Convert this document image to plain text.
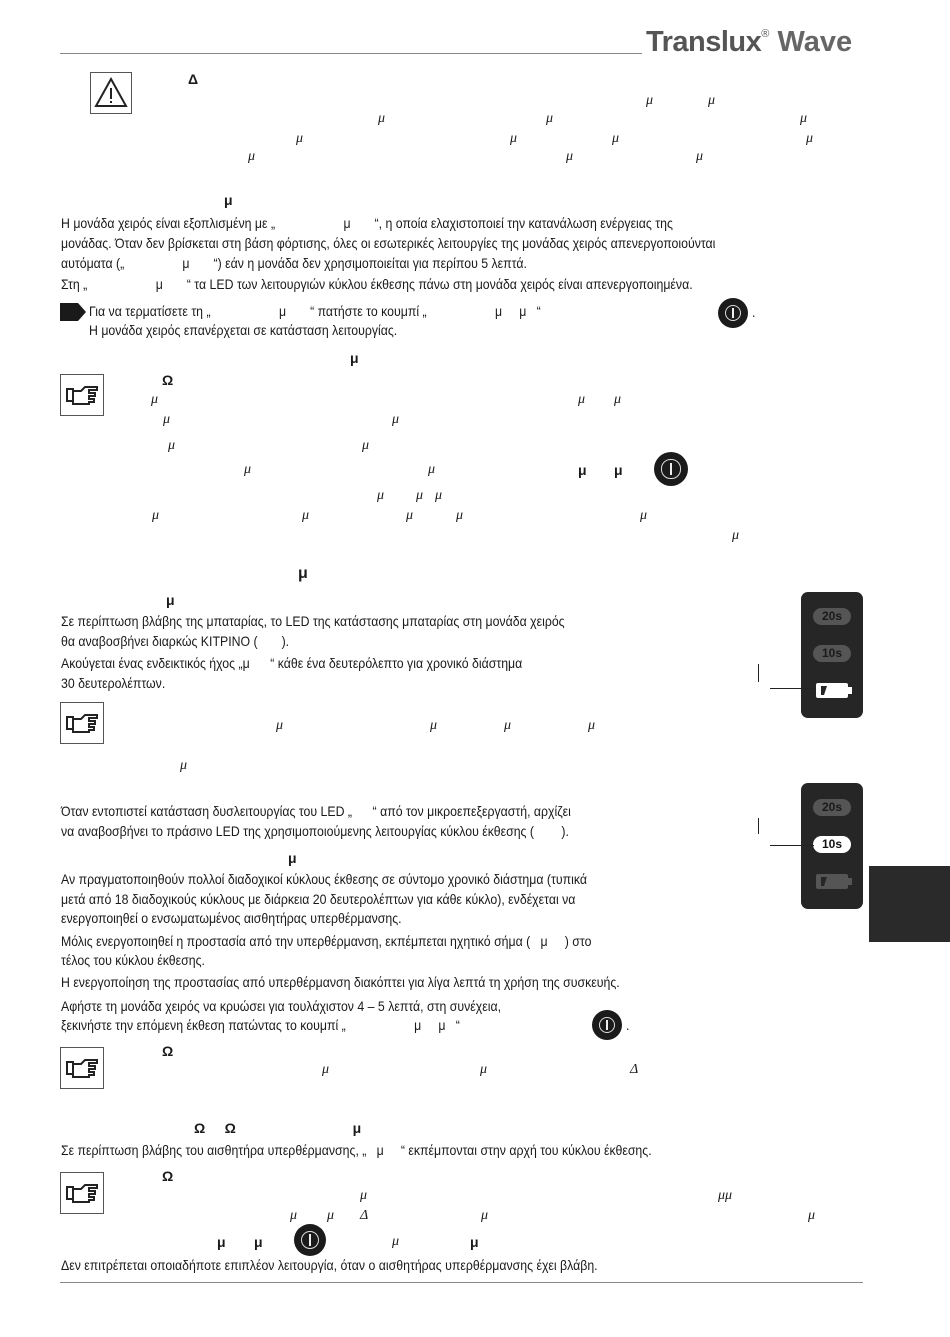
Translux® Wave
Δ
μ	μ
μ	μ	μ
μ	μ	μ	μ
μ	μ	μ
μ
Η μονάδα χειρός είναι εξοπλισμένη με „                    μ       “, η οποία ελαχιστοποιεί την κατανάλωση ενέργειας της
μονάδας. Όταν δεν βρίσκεται στη βάση φόρτισης, όλες οι εσωτερικές λειτουργίες της μονάδας χειρός απενεργοποιούνται
αυτόματα („                 μ       “) εάν η μονάδα δεν χρησιμοποιείται για περίπου 5 λεπτά.
Στη „                    μ       “ τα LED των λειτουργιών κύκλου έκθεσης πάνω στη μονάδα χειρός είναι απενεργοποιημένα.
Για να τερματίσετε τη „                    μ       “ πατήστε το κουμπί „                    μ     μ   “	.
Η μονάδα χειρός επανέρχεται σε κατάσταση λειτουργίας.
μ
Ω
μ	μ μ
μ	μ
μ	μ
μ	μ	μ μ
μ μ μ
μ	μ	μ	μ	μ
μ
μ
μ
Σε περίπτωση βλάβης της μπαταρίας, το LED της κατάστασης μπαταρίας στη μονάδα χειρός
θα αναβοσβήνει διαρκώς ΚΙΤΡΙΝΟ (       ).
Ακούγεται ένας ενδεικτικός ήχος „μ      “ κάθε ένα δευτερόλεπτο για χρονικό διάστημα
30 δευτερολέπτων.
20s
10s
μ	μ	μ	μ
μ
Όταν εντοπιστεί κατάσταση δυσλειτουργίας του LED „      “ από τον μικροεπεξεργαστή, αρχίζει
να αναβοσβήνει το πράσινο LED της χρησιμοποιούμενης λειτουργίας κύκλου έκθεσης (        ).
20s
10s
μ
Αν πραγματοποιηθούν πολλοί διαδοχικοί κύκλους έκθεσης σε σύντομο χρονικό διάστημα (τυπικά
μετά από 18 διαδοχικούς κύκλους με διάρκεια 20 δευτερολέπτων για κάθε κύκλο), ενδέχεται να
ενεργοποιηθεί ο ενσωματωμένος αισθητήρας υπερθέρμανσης.
Μόλις ενεργοποιηθεί η προστασία από την υπερθέρμανση, εκπέμπεται ηχητικό σήμα (   μ     ) στο
τέλος του κύκλου έκθεσης.
Η ενεργοποίηση της προστασίας από υπερθέρμανση διακόπτει για λίγα λεπτά τη χρήση της συσκευής.
Αφήστε τη μονάδα χειρός να κρυώσει για τουλάχιστον 4 – 5 λεπτά, στη συνέχεια,
ξεκινήστε την επόμενη έκθεση πατώντας το κουμπί „                    μ     μ   “	.
Ω
μ	μ	Δ
Ω     Ω                              μ
Σε περίπτωση βλάβης του αισθητήρα υπερθέρμανσης, „   μ     “ εκπέμπονται στην αρχή του κύκλου έκθεσης.
Ω
μ	μμ
μ μ Δ	μ	μ
μ μ	μ	μ
Δεν επιτρέπεται οποιαδήποτε επιπλέον λειτουργία, όταν ο αισθητήρας υπερθέρμανσης έχει βλάβη.
